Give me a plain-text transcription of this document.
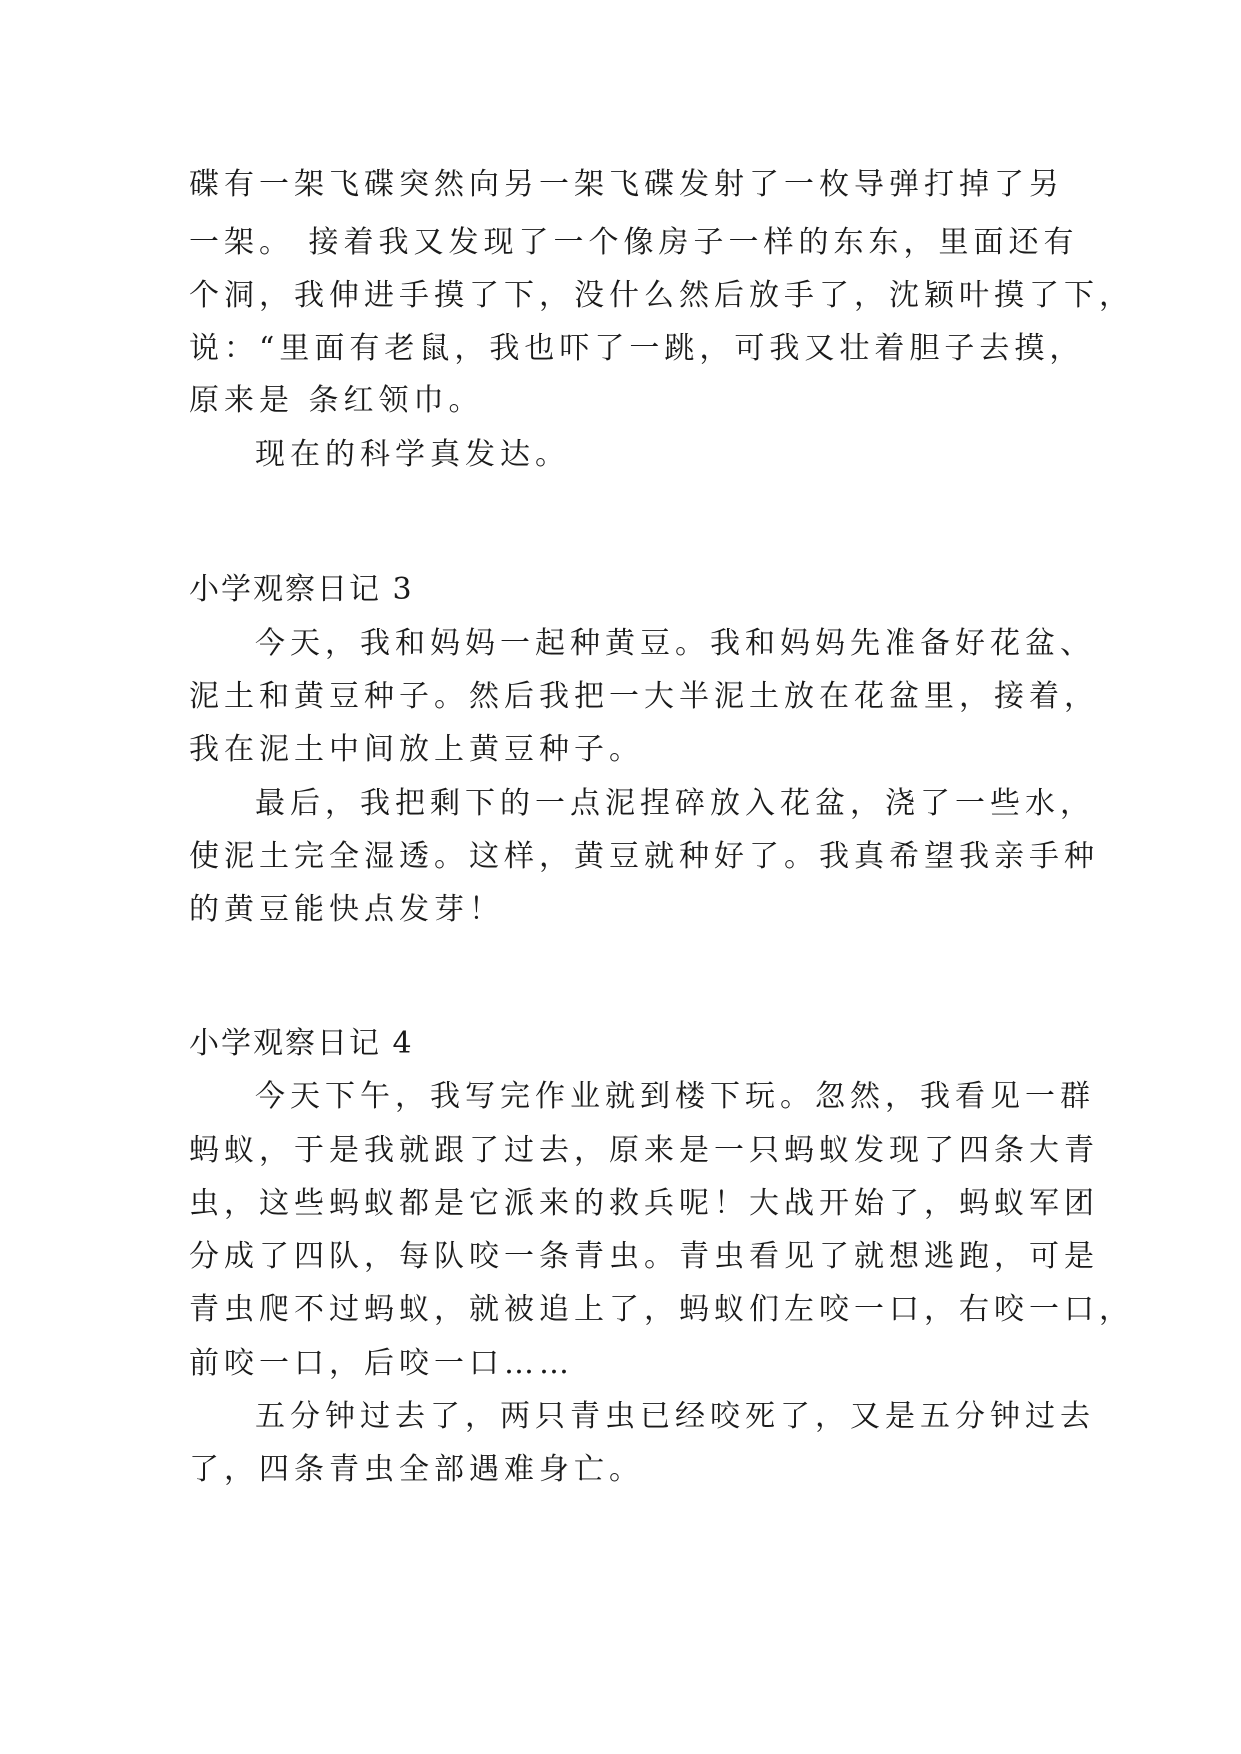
碟有一架飞碟突然向另一架飞碟发射了一枚导弹打掉了另
一架。 接着我又发现了一个像房子一样的东东，里面还有
个洞，我伸进手摸了下，没什么然后放手了，沈颖叶摸了下，
说：“里面有老鼠，我也吓了一跳，可我又壮着胆子去摸，
原来是 条红领巾。
现在的科学真发达。
小学观察日记 3
今天，我和妈妈一起种黄豆。我和妈妈先准备好花盆、
泥土和黄豆种子。然后我把一大半泥土放在花盆里，接着，
我在泥土中间放上黄豆种子。
最后，我把剩下的一点泥捏碎放入花盆，浇了一些水，
使泥土完全湿透。这样，黄豆就种好了。我真希望我亲手种
的黄豆能快点发芽！
小学观察日记 4
今天下午，我写完作业就到楼下玩。忽然，我看见一群
蚂蚁，于是我就跟了过去，原来是一只蚂蚁发现了四条大青
虫，这些蚂蚁都是它派来的救兵呢！大战开始了，蚂蚁军团
分成了四队，每队咬一条青虫。青虫看见了就想逃跑，可是
青虫爬不过蚂蚁，就被追上了，蚂蚁们左咬一口，右咬一口，
前咬一口，后咬一口……
五分钟过去了，两只青虫已经咬死了，又是五分钟过去
了，四条青虫全部遇难身亡。
